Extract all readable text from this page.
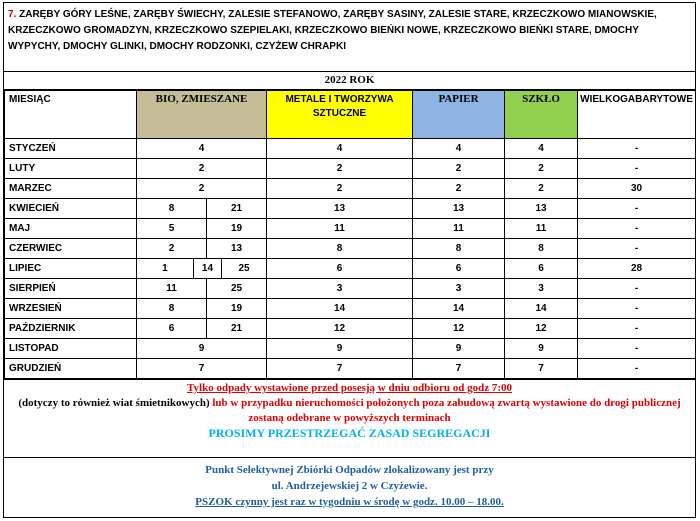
7. ZARĘBY GÓRY LEŚNE, ZARĘBY ŚWIECHY, ZALESIE STEFANOWO, ZARĘBY SASINY, ZALESIE STARE, KRZECZKOWO MIANOWSKIE, KRZECZKOWO GROMADZYN, KRZECZKOWO SZEPIELAKI, KRZECZKOWO BIEŃKI NOWE, KRZECZKOWO BIEŃKI STARE, DMOCHY WYPYCHY, DMOCHY GLINKI, DMOCHY RODZONKI, CZYŻEW CHRAPKI
2022 ROK
MIESIĄC	BIO, ZMIESZANE		METALE I TWORZYWA SZTUCZNE	PAPIER	SZKŁO	WIELKOGABARYTOWE
STYCZEŃ	4		4	4	4	-
LUTY	2		2	2	2	-
MARZEC	2		2	2	2	30
KWIECIEŃ	8	21	13	13	13	-
MAJ	5	19	11	11	11	-
CZERWIEC	2	13	8	8	8	-
LIPIEC	1 14 25		6	6	6	28
SIERPIEŃ	11	25	3	3	3	-
WRZESIEŃ	8	19	14	14	14	-
PAŹDZIERNIK	6	21	12	12	12	-
LISTOPAD	9		9	9	9	-
GRUDZIEŃ	7		7	7	7	-
Tylko odpady wystawione przed posesją w dniu odbioru od godz 7:00
(dotyczy to również wiat śmietnikowych) lub w przypadku nieruchomości położonych poza zabudową zwartą wystawione do drogi publicznej zostaną odebrane w powyższych terminach
PROSIMY PRZESTRZEGAĆ ZASAD SEGREGACJI
Punkt Selektywnej Zbiórki Odpadów zlokalizowany jest przy
ul. Andrzejewskiej 2 w Czyżewie.
PSZOK czynny jest raz w tygodniu w środę w godz. 10.00 – 18.00.
